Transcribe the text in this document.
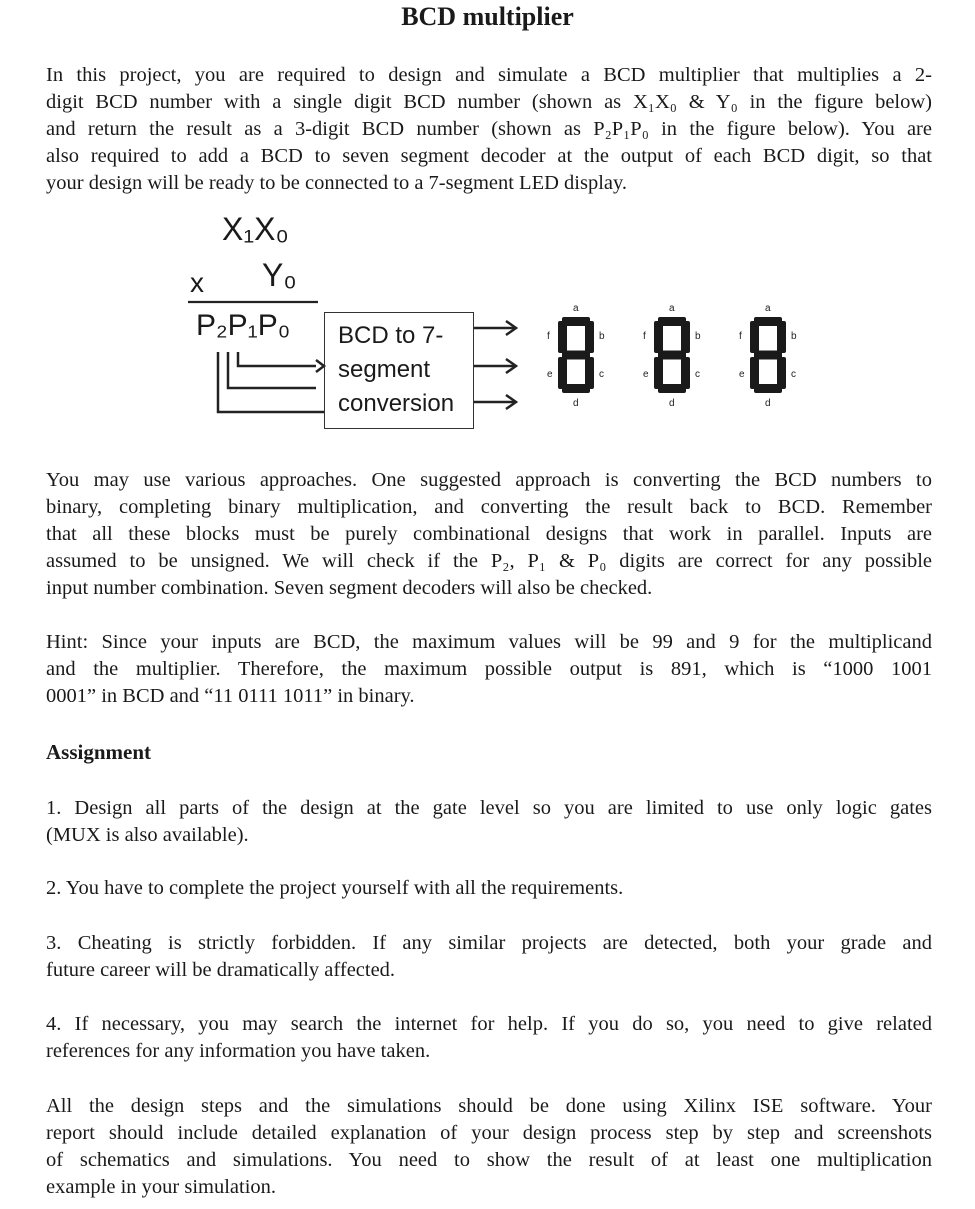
BCD multiplier
In this project, you are required to design and simulate a BCD multiplier that multiplies a 2-
digit BCD number with a single digit BCD number (shown as X₁X₀ & Y₀ in the figure below)
and return the result as a 3-digit BCD number (shown as P₂P₁P₀ in the figure below). You are
also required to add a BCD to seven segment decoder at the output of each BCD digit, so that
your design will be ready to be connected to a 7-segment LED display.
X₁X₀
x Y₀
P₂P₁P₀
a
b
c
d
e
f
g
a
b
c
d
e
f
g
a
b
c
d
e
f
g
BCD to 7-
segment
conversion
You may use various approaches. One suggested approach is converting the BCD numbers to
binary, completing binary multiplication, and converting the result back to BCD. Remember
that all these blocks must be purely combinational designs that work in parallel. Inputs are
assumed to be unsigned. We will check if the P₂, P₁ & P₀ digits are correct for any possible
input number combination. Seven segment decoders will also be checked.
Hint: Since your inputs are BCD, the maximum values will be 99 and 9 for the multiplicand
and the multiplier. Therefore, the maximum possible output is 891, which is “1000 1001
0001” in BCD and “11 0111 1011” in binary.
Assignment
1. Design all parts of the design at the gate level so you are limited to use only logic gates
(MUX is also available).
2. You have to complete the project yourself with all the requirements.
3. Cheating is strictly forbidden. If any similar projects are detected, both your grade and
future career will be dramatically affected.
4. If necessary, you may search the internet for help. If you do so, you need to give related
references for any information you have taken.
All the design steps and the simulations should be done using Xilinx ISE software. Your
report should include detailed explanation of your design process step by step and screenshots
of schematics and simulations. You need to show the result of at least one multiplication
example in your simulation.
